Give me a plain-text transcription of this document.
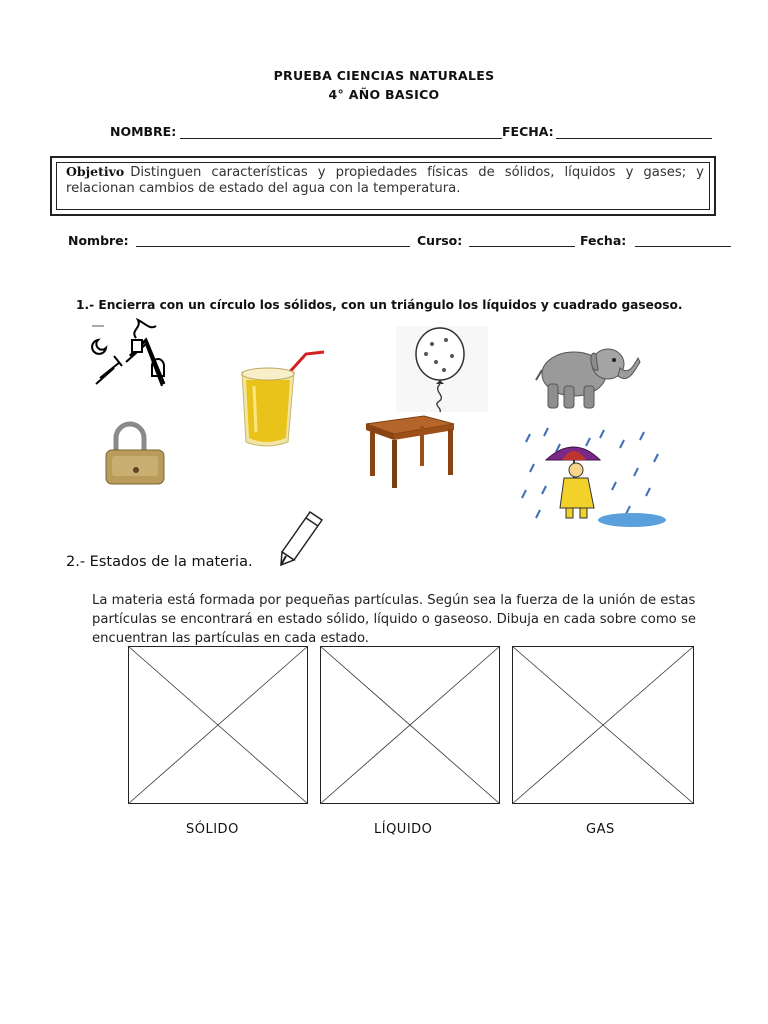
PRUEBA CIENCIAS NATURALES
4° AÑO BASICO
NOMBRE:	FECHA:
Objetivo Distinguen características y propiedades físicas de sólidos, líquidos y gases; y relacionan cambios de estado del agua con la temperatura.
Nombre:	Curso:	Fecha:
1.- Encierra con un círculo los sólidos, con un triángulo los líquidos y cuadrado gaseoso.
2.- Estados de la materia.
La materia está formada por pequeñas partículas. Según sea la fuerza de la unión de estas partículas se encontrará en estado sólido, líquido o gaseoso. Dibuja en cada sobre como se encuentran las partículas en cada estado.
SÓLIDO	LÍQUIDO	GAS
